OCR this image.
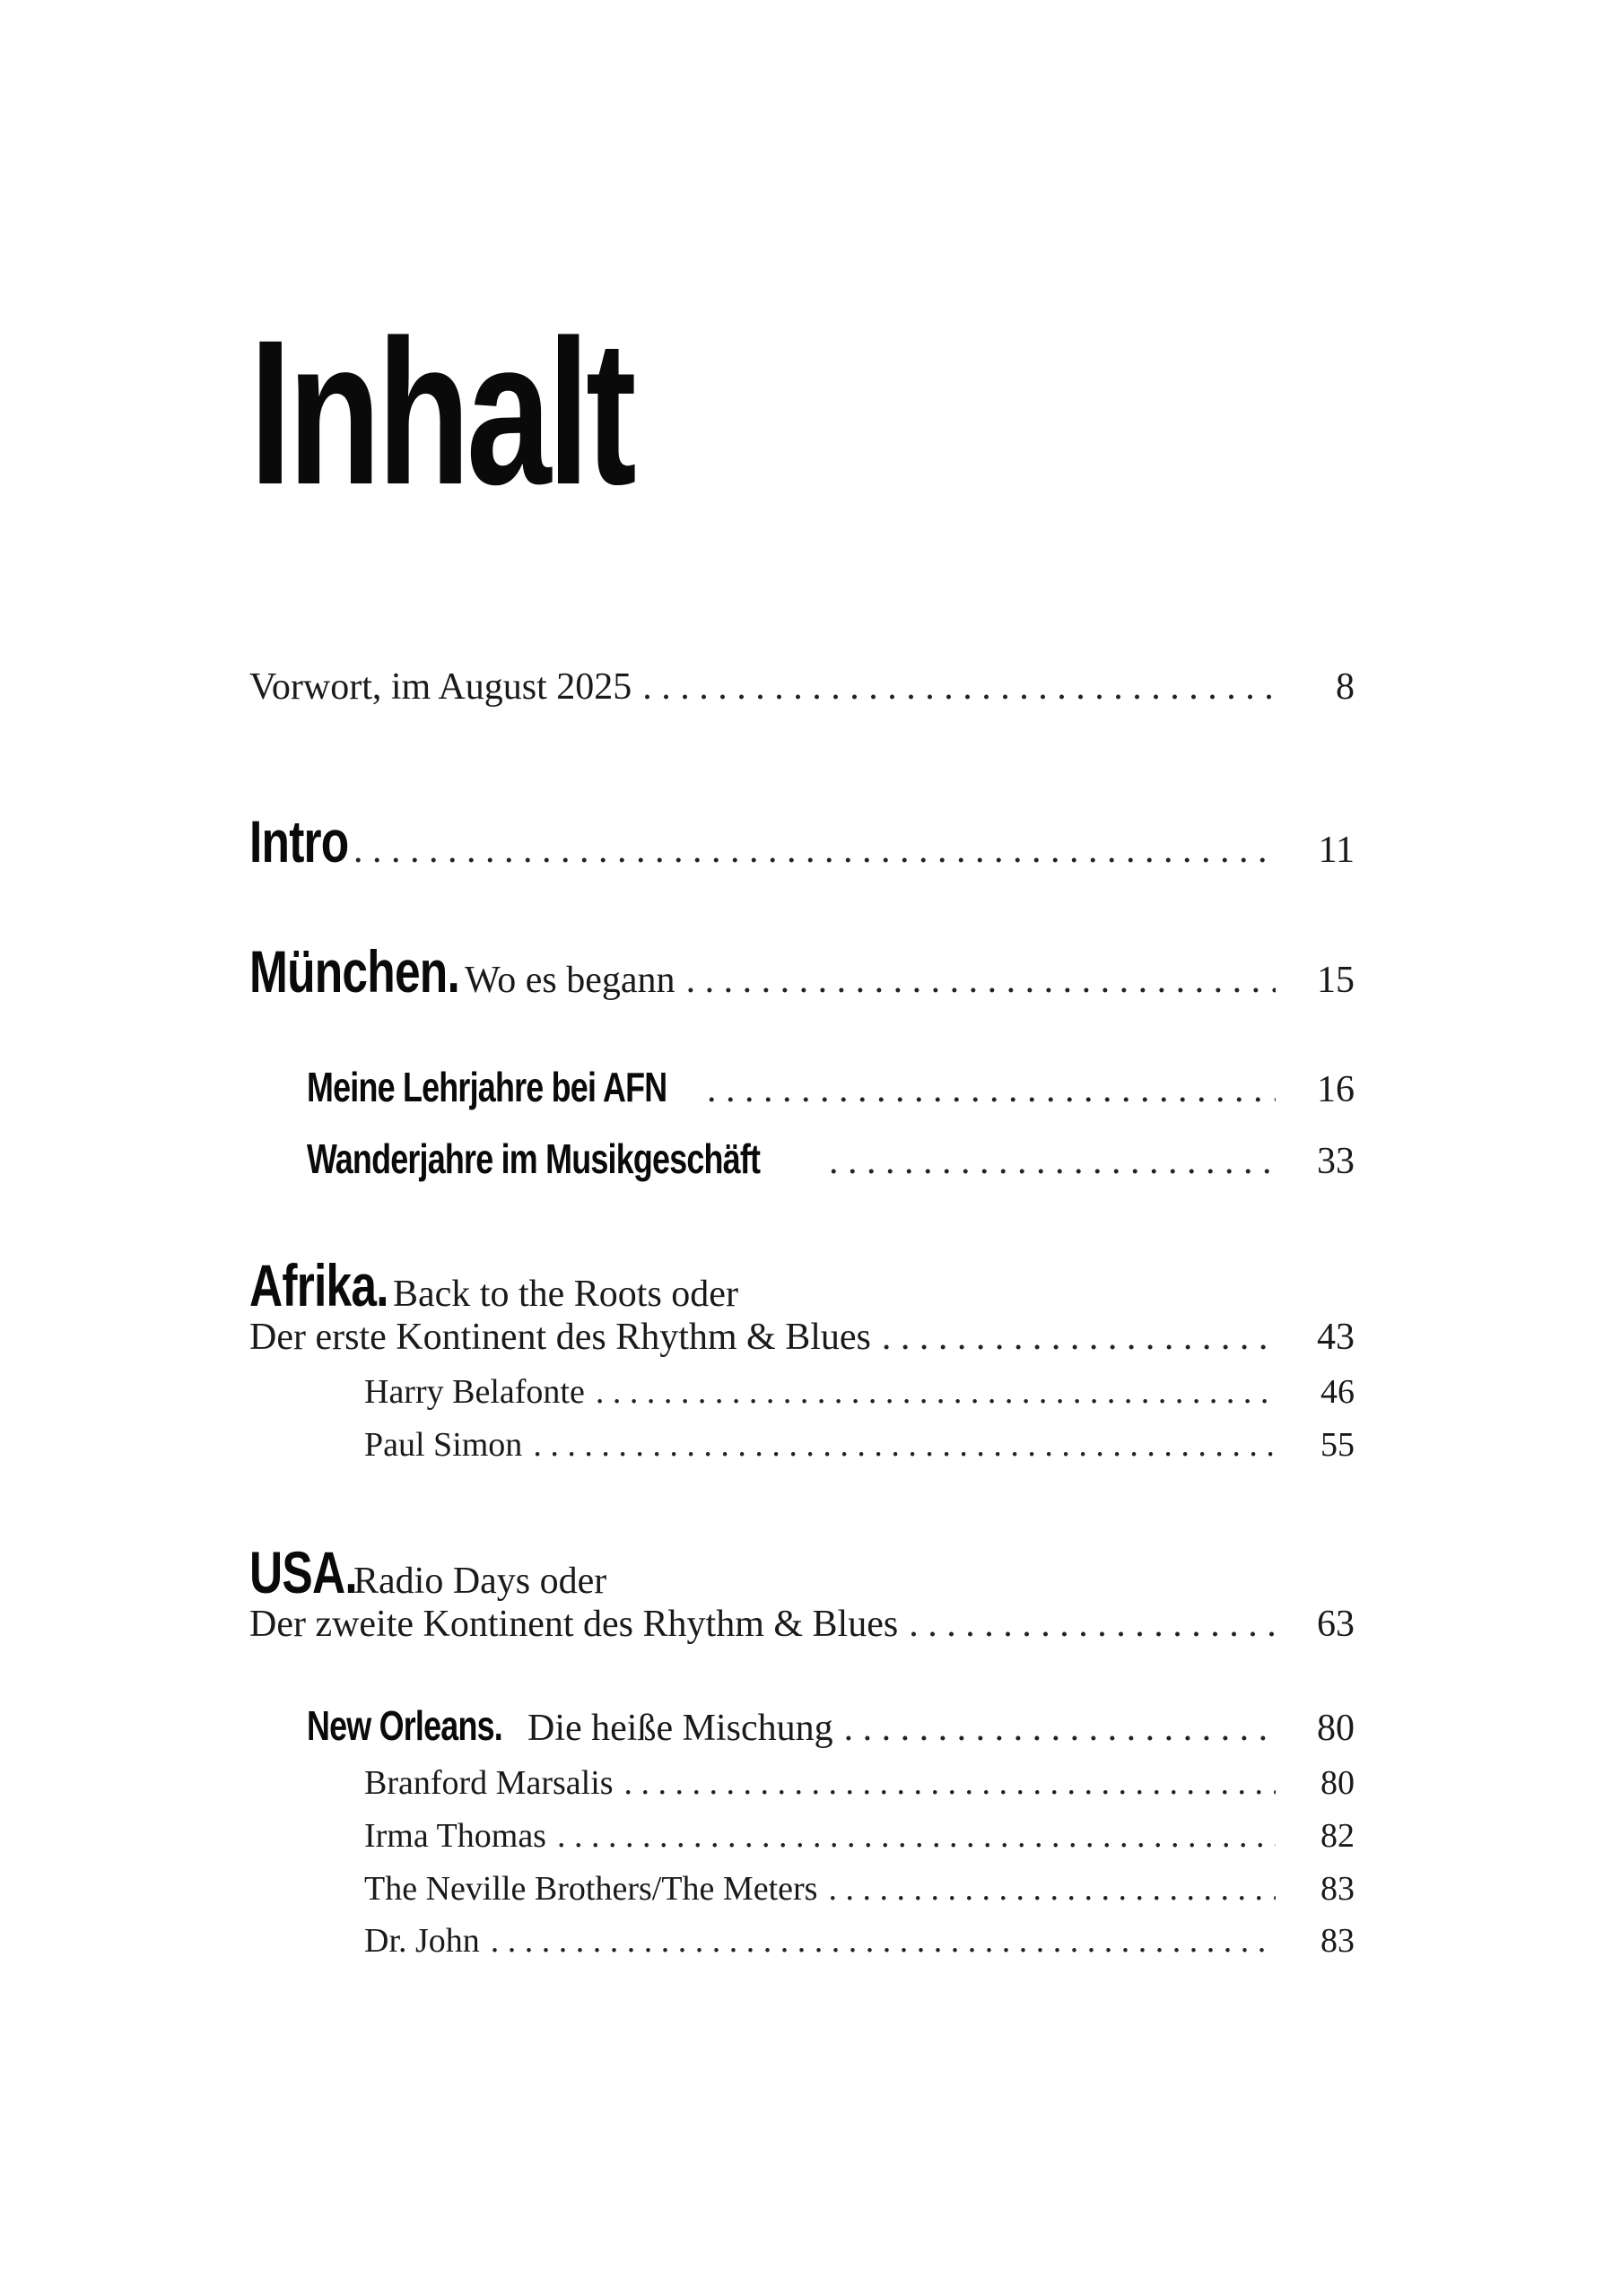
Inhalt
Vorwort, im August 2025 . . .	8
Intro . . .	11
München. Wo es begann . . .	15
Meine Lehrjahre bei AFN . . .	16
Wanderjahre im Musikgeschäft . . .	33
Afrika. Back to the Roots oder
Der erste Kontinent des Rhythm & Blues . . .	43
Harry Belafonte . . .	46
Paul Simon . . .	55
USA.
Radio Days oder
Der zweite Kontinent des Rhythm & Blues . . .	63
New Orleans. Die heiße Mischung . . .	80
Branford Marsalis . . .	80
Irma Thomas . . .	82
The Neville Brothers/The Meters . . .	83
Dr. John . . .	83
